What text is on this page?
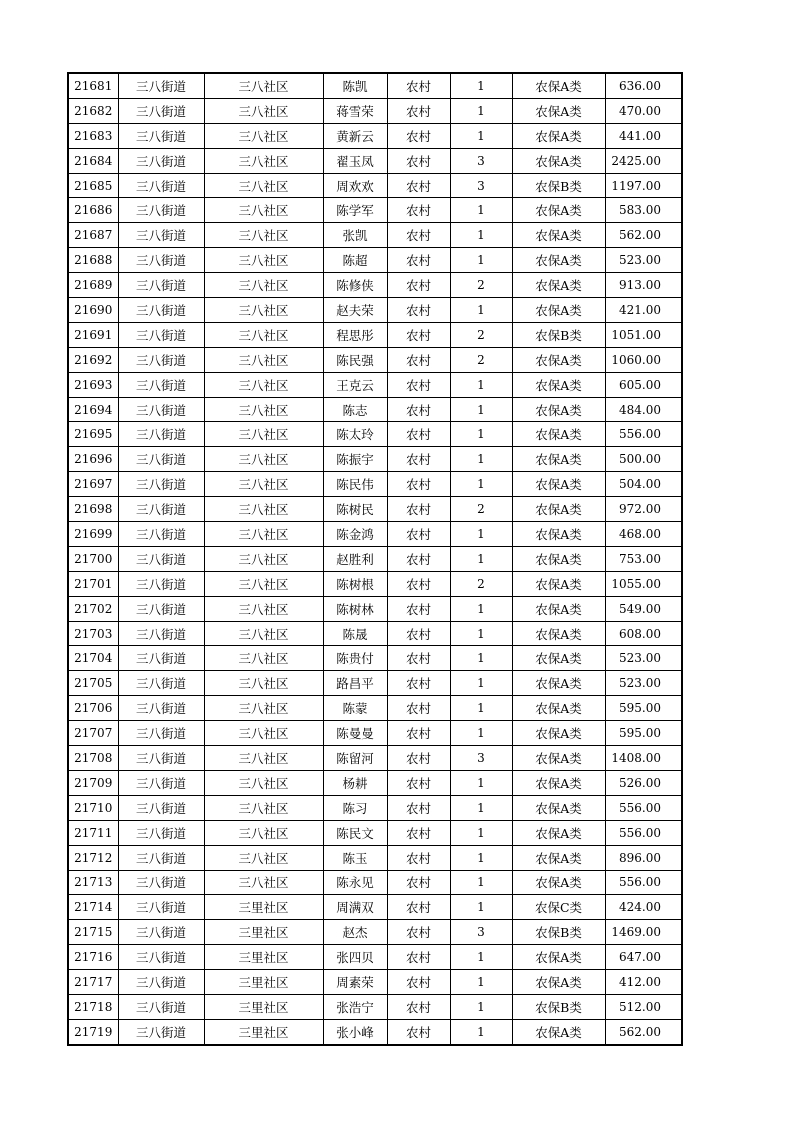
21681	三八街道	三八社区	陈凯	农村	1	农保A类	636.00
21682	三八街道	三八社区	蒋雪荣	农村	1	农保A类	470.00
21683	三八街道	三八社区	黄新云	农村	1	农保A类	441.00
21684	三八街道	三八社区	翟玉凤	农村	3	农保A类	2425.00
21685	三八街道	三八社区	周欢欢	农村	3	农保B类	1197.00
21686	三八街道	三八社区	陈学军	农村	1	农保A类	583.00
21687	三八街道	三八社区	张凯	农村	1	农保A类	562.00
21688	三八街道	三八社区	陈超	农村	1	农保A类	523.00
21689	三八街道	三八社区	陈修侠	农村	2	农保A类	913.00
21690	三八街道	三八社区	赵夫荣	农村	1	农保A类	421.00
21691	三八街道	三八社区	程思彤	农村	2	农保B类	1051.00
21692	三八街道	三八社区	陈民强	农村	2	农保A类	1060.00
21693	三八街道	三八社区	王克云	农村	1	农保A类	605.00
21694	三八街道	三八社区	陈志	农村	1	农保A类	484.00
21695	三八街道	三八社区	陈太玲	农村	1	农保A类	556.00
21696	三八街道	三八社区	陈振宇	农村	1	农保A类	500.00
21697	三八街道	三八社区	陈民伟	农村	1	农保A类	504.00
21698	三八街道	三八社区	陈树民	农村	2	农保A类	972.00
21699	三八街道	三八社区	陈金鸿	农村	1	农保A类	468.00
21700	三八街道	三八社区	赵胜利	农村	1	农保A类	753.00
21701	三八街道	三八社区	陈树根	农村	2	农保A类	1055.00
21702	三八街道	三八社区	陈树林	农村	1	农保A类	549.00
21703	三八街道	三八社区	陈晟	农村	1	农保A类	608.00
21704	三八街道	三八社区	陈贵付	农村	1	农保A类	523.00
21705	三八街道	三八社区	路昌平	农村	1	农保A类	523.00
21706	三八街道	三八社区	陈蒙	农村	1	农保A类	595.00
21707	三八街道	三八社区	陈曼曼	农村	1	农保A类	595.00
21708	三八街道	三八社区	陈留河	农村	3	农保A类	1408.00
21709	三八街道	三八社区	杨耕	农村	1	农保A类	526.00
21710	三八街道	三八社区	陈习	农村	1	农保A类	556.00
21711	三八街道	三八社区	陈民文	农村	1	农保A类	556.00
21712	三八街道	三八社区	陈玉	农村	1	农保A类	896.00
21713	三八街道	三八社区	陈永见	农村	1	农保A类	556.00
21714	三八街道	三里社区	周满双	农村	1	农保C类	424.00
21715	三八街道	三里社区	赵杰	农村	3	农保B类	1469.00
21716	三八街道	三里社区	张四贝	农村	1	农保A类	647.00
21717	三八街道	三里社区	周素荣	农村	1	农保A类	412.00
21718	三八街道	三里社区	张浩宁	农村	1	农保B类	512.00
21719	三八街道	三里社区	张小峰	农村	1	农保A类	562.00
